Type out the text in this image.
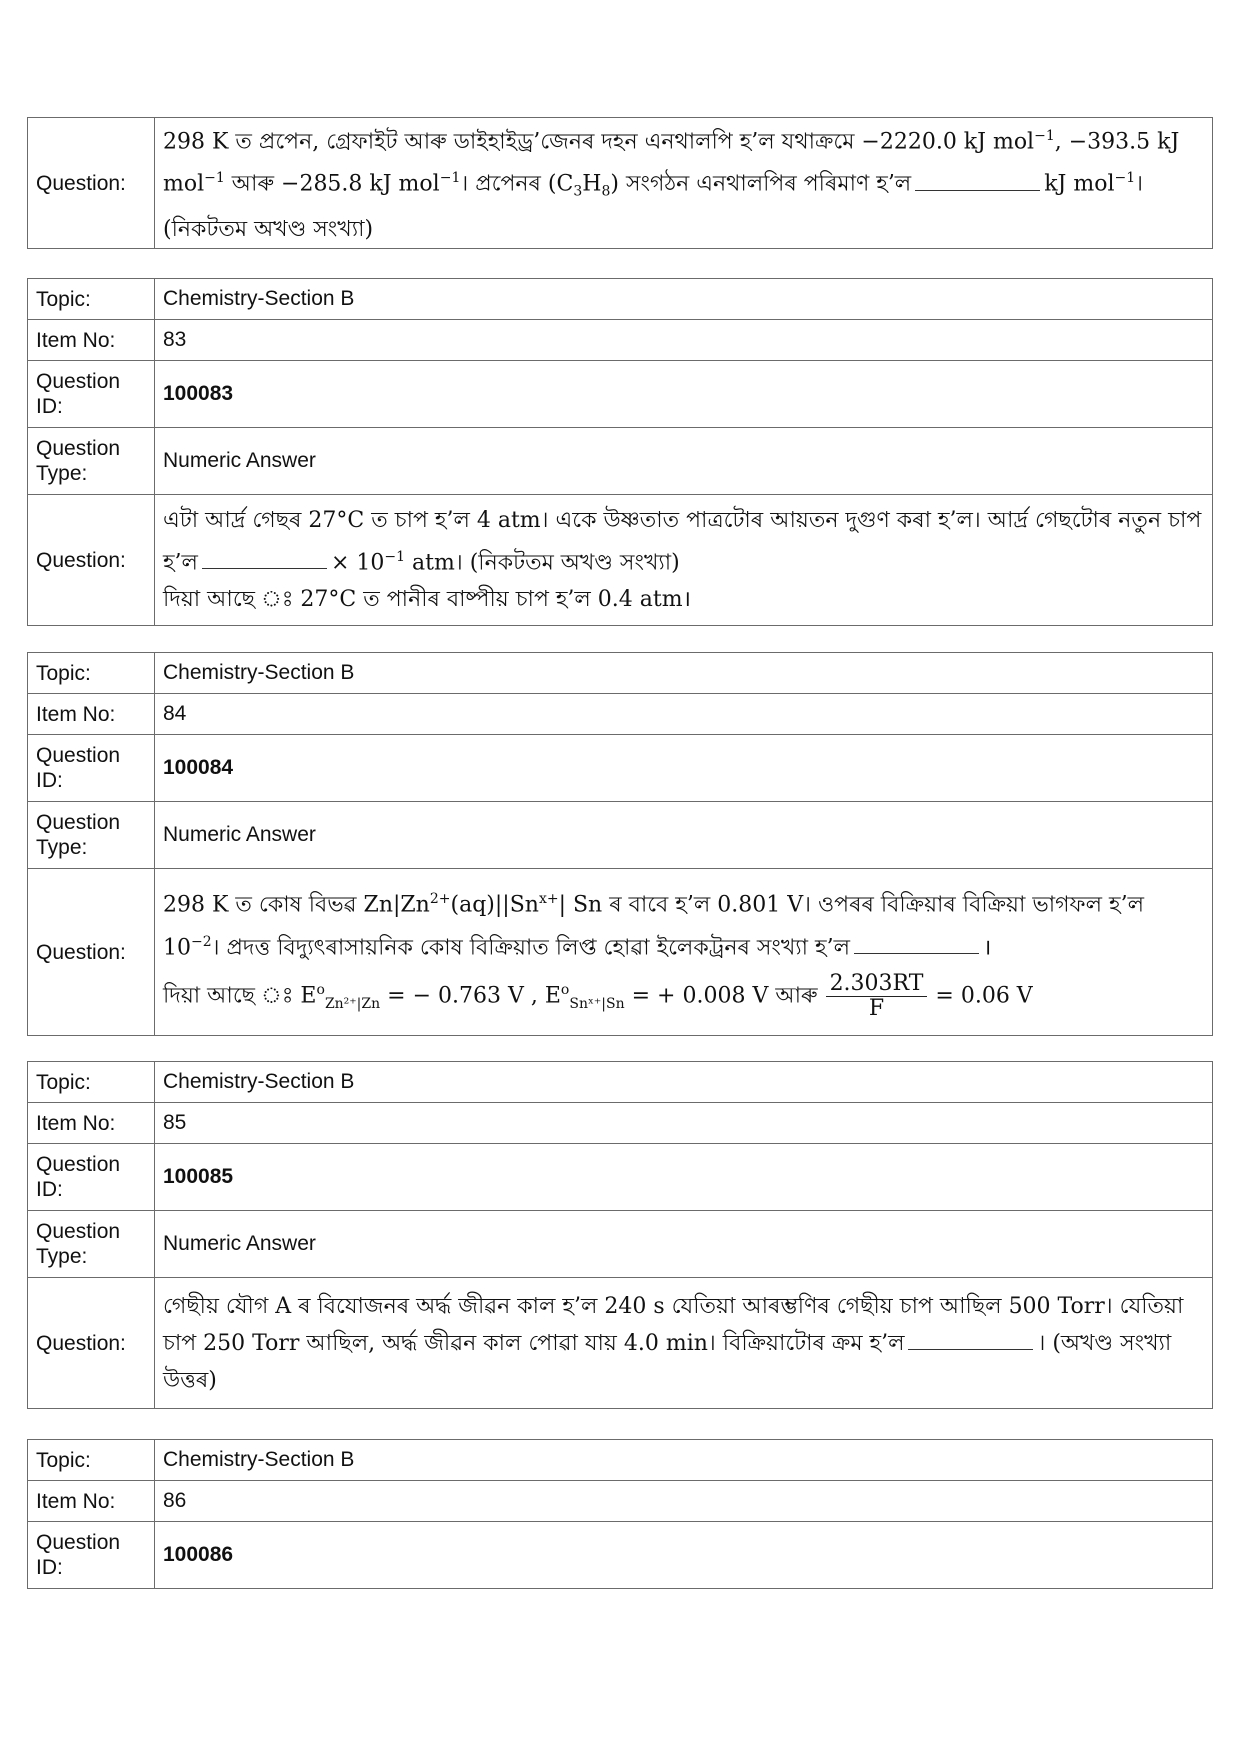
Question:	298 K ত প্ৰপেন, গ্ৰেফাইট আৰু ডাইহাইড্ৰ’জেনৰ দহন এনথালপি হ’ল যথাক্ৰমে −2220.0 kJ mol$^{-1}$, −393.5 kJ mol$^{-1}$ আৰু −285.8 kJ mol$^{-1}$। প্ৰপেনৰ $(C_3H_8)$ সংগঠন এনথালপিৰ পৰিমাণ হ’ল	kJ mol$^{-1}$। (নিকটতম অখণ্ড সংখ্যা)
Topic:	Chemistry-Section B
Item No:	83
Question ID:	100083
Question Type:	Numeric Answer
Question:	এটা আৰ্দ্ৰ গেছৰ 27°C ত চাপ হ’ল 4 atm। একে উষ্ণতাত পাত্ৰটোৰ আয়তন দুগুণ কৰা হ’ল। আৰ্দ্ৰ গেছটোৰ নতুন চাপ হ’ল × $10^{-1}$ atm। (নিকটতম অখণ্ড সংখ্যা)
দিয়া আছে ঃ 27°C ত পানীৰ বাষ্পীয় চাপ হ’ল 0.4 atm।
Topic:	Chemistry-Section B
Item No:	84
Question ID:	100084
Question Type:	Numeric Answer
Question:	298 K ত কোষ বিভৱ $Zn|Zn^{2+}(aq)||Sn^{x+}|$ Sn ৰ বাবে হ’ল 0.801 V। ওপৰৰ বিক্ৰিয়াৰ বিক্ৰিয়া ভাগফল হ’ল $10^{-2}।$ প্ৰদত্ত বিদ্যুৎৰাসায়নিক কোষ বিক্ৰিয়াত লিপ্ত হোৱা ইলেকট্ৰনৰ সংখ্যা হ’ল ।
দিয়া আছে ঃ $E^o_{Zn^{2+}|Zn}$ = − 0.763 V , $E^o_{Snˣ^+|Sn}$ = + 0.008 V আৰু $\frac{2.303RT}{F} = 0.06$ V
Topic:	Chemistry-Section B
Item No:	85
Question ID:	100085
Question Type:	Numeric Answer
Question:	গেছীয় যৌগ A ৰ বিযোজনৰ অৰ্দ্ধ জীৱন কাল হ’ল 240 s যেতিয়া আৰম্ভণিৰ গেছীয় চাপ আছিল 500 Torr। যেতিয়া চাপ 250 Torr আছিল, অৰ্দ্ধ জীৱন কাল পোৱা যায় 4.0 min। বিক্ৰিয়াটোৰ ক্ৰম হ’ল । (অখণ্ড সংখ্যা উত্তৰ)
Topic:	Chemistry-Section B
Item No:	86
Question ID:	100086
